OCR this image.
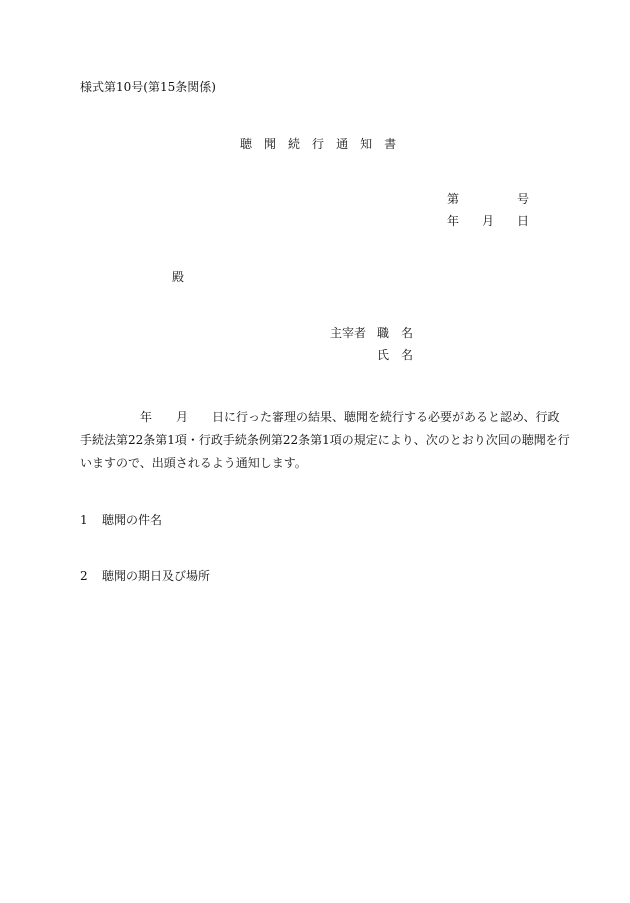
様式第10号(第15条関係)
聴  聞  続  行  通  知  書
第	号
年 月 日
殿
主宰者 職 名
氏 名
　　　　　年　　月　　日に行った審理の結果、聴聞を続行する必要があると認め、行政
手続法第22条第1項・行政手続条例第22条第1項の規定により、次のとおり次回の聴聞を行
いますので、出頭されるよう通知します。
1  聴聞の件名
2  聴聞の期日及び場所
